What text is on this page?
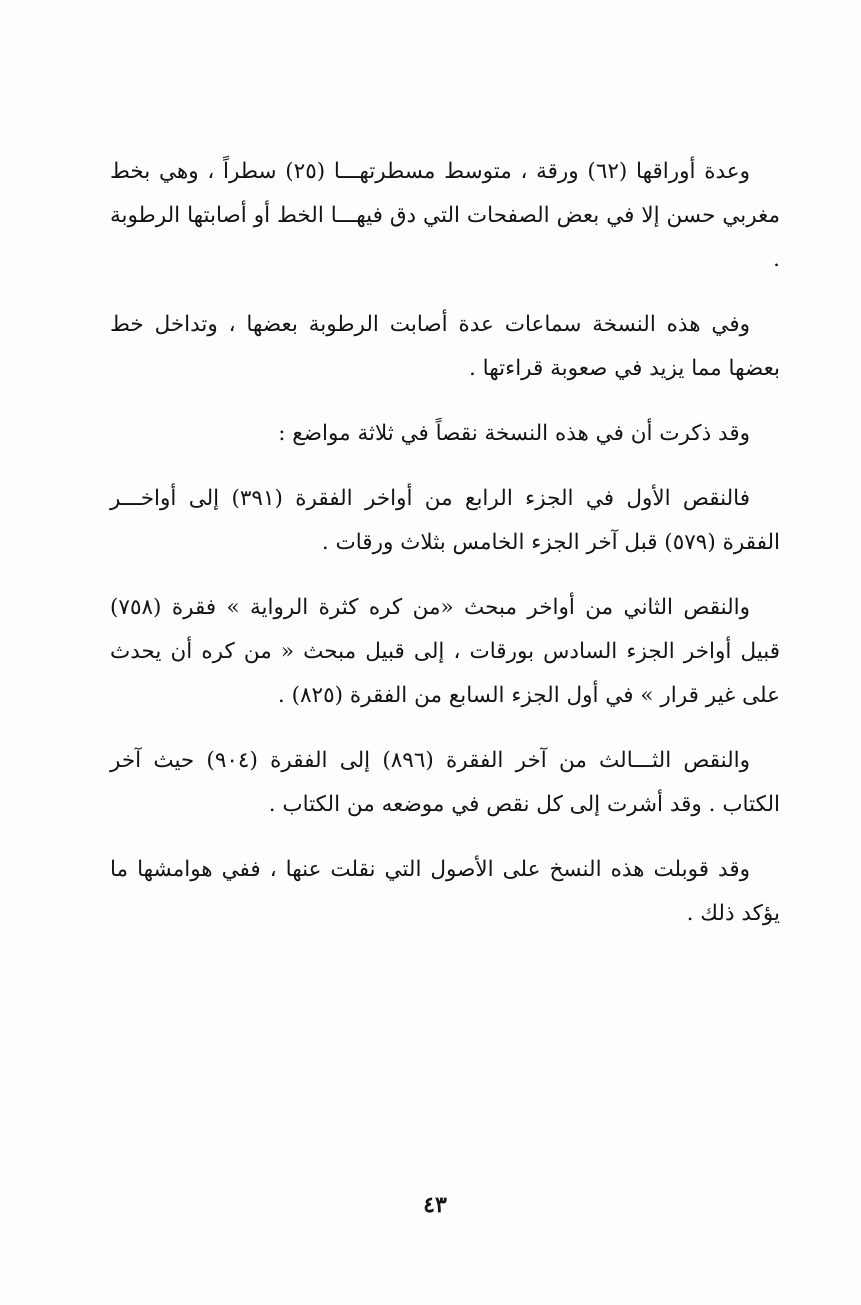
وعدة أوراقها (٦٢) ورقة ، متوسط مسطرتهـــا (٢٥) سطراً ، وهي بخط مغربي حسن إلا في بعض الصفحات التي دق فيهـــا الخط أو أصابتها الرطوبة .

وفي هذه النسخة سماعات عدة أصابت الرطوبة بعضها ، وتداخل خط بعضها مما يزيد في صعوبة قراءتها .

وقد ذكرت أن في هذه النسخة نقصاً في ثلاثة مواضع :

فالنقص الأول في الجزء الرابع من أواخر الفقرة (٣٩١) إلى أواخـــر الفقرة (٥٧٩) قبل آخر الجزء الخامس بثلاث ورقات .

والنقص الثاني من أواخر مبحث «من كره كثرة الرواية » فقرة (٧٥٨) قبيل أواخر الجزء السادس بورقات ، إلى قبيل مبحث « من كره أن يحدث على غير قرار » في أول الجزء السابع من الفقرة (٨٢٥) .

والنقص الثـــالث من آخر الفقرة (٨٩٦) إلى الفقرة (٩٠٤) حيث آخر الكتاب . وقد أشرت إلى كل نقص في موضعه من الكتاب .

وقد قوبلت هذه النسخ على الأصول التي نقلت عنها ، ففي هوامشها ما يؤكد ذلك .

٤٣
